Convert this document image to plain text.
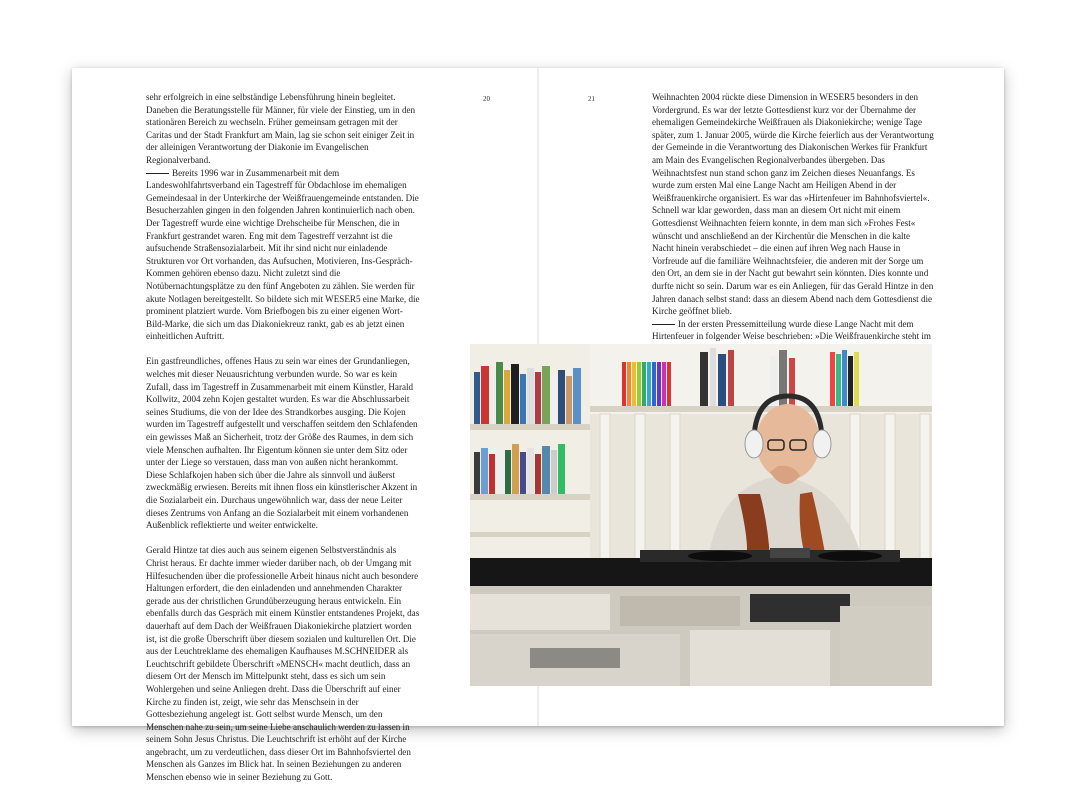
20	21

sehr erfolgreich in eine selbständige Lebensführung hinein begleitet. Daneben die Beratungsstelle für Männer, für viele der Einstieg, um in den stationären Bereich zu wechseln. Früher gemeinsam getragen mit der Caritas und der Stadt Frankfurt am Main, lag sie schon seit einiger Zeit in der alleinigen Verantwortung der Diakonie im Evangelischen Regionalverband.

Bereits 1996 war in Zusammenarbeit mit dem Landeswohlfahrtsverband ein Tagestreff für Obdachlose im ehemaligen Gemeindesaal in der Unterkirche der Weißfrauengemeinde entstanden. Die Besucherzahlen gingen in den folgenden Jahren kontinuierlich nach oben. Der Tagestreff wurde eine wichtige Drehscheibe für Menschen, die in Frankfurt gestrandet waren. Eng mit dem Tagestreff verzahnt ist die aufsuchende Straßensozialarbeit. Mit ihr sind nicht nur einladende Strukturen vor Ort vorhanden, das Aufsuchen, Motivieren, Ins-Gespräch-Kommen gehören ebenso dazu. Nicht zuletzt sind die Notübernachtungsplätze zu den fünf Angeboten zu zählen. Sie werden für akute Notlagen bereitgestellt. So bildete sich mit WESER5 eine Marke, die prominent platziert wurde. Vom Briefbogen bis zu einer eigenen Wort-Bild-Marke, die sich um das Diakoniekreuz rankt, gab es ab jetzt einen einheitlichen Auftritt.

Ein gastfreundliches, offenes Haus zu sein war eines der Grundanliegen, welches mit dieser Neuausrichtung verbunden wurde. So war es kein Zufall, dass im Tagestreff in Zusammenarbeit mit einem Künstler, Harald Kollwitz, 2004 zehn Kojen gestaltet wurden. Es war die Abschlussarbeit seines Studiums, die von der Idee des Strandkorbes ausging. Die Kojen wurden im Tagestreff aufgestellt und verschaffen seitdem den Schlafenden ein gewisses Maß an Sicherheit, trotz der Größe des Raumes, in dem sich viele Menschen aufhalten. Ihr Eigentum können sie unter dem Sitz oder unter der Liege so verstauen, dass man von außen nicht herankommt. Diese Schlafkojen haben sich über die Jahre als sinnvoll und äußerst zweckmäßig erwiesen. Bereits mit ihnen floss ein künstlerischer Akzent in die Sozialarbeit ein. Durchaus ungewöhnlich war, dass der neue Leiter dieses Zentrums von Anfang an die Sozialarbeit mit einem vorhandenen Außenblick reflektierte und weiter entwickelte.

Gerald Hintze tat dies auch aus seinem eigenen Selbstverständnis als Christ heraus. Er dachte immer wieder darüber nach, ob der Umgang mit Hilfesuchenden über die professionelle Arbeit hinaus nicht auch besondere Haltungen erfordert, die den einladenden und annehmenden Charakter gerade aus der christlichen Grundüberzeugung heraus entwickeln. Ein ebenfalls durch das Gespräch mit einem Künstler entstandenes Projekt, das dauerhaft auf dem Dach der Weißfrauen Diakoniekirche platziert worden ist, ist die große Überschrift über diesem sozialen und kulturellen Ort. Die aus der Leuchtreklame des ehemaligen Kaufhauses M.SCHNEIDER als Leuchtschrift gebildete Überschrift »MENSCH« macht deutlich, dass an diesem Ort der Mensch im Mittelpunkt steht, dass es sich um sein Wohlergehen und seine Anliegen dreht. Dass die Überschrift auf einer Kirche zu finden ist, zeigt, wie sehr das Menschsein in der Gottesbeziehung angelegt ist. Gott selbst wurde Mensch, um den Menschen nahe zu sein, um seine Liebe anschaulich werden zu lassen in seinem Sohn Jesus Christus. Die Leuchtschrift ist erhöht auf der Kirche angebracht, um zu verdeutlichen, dass dieser Ort im Bahnhofsviertel den Menschen als Ganzes im Blick hat. In seinen Beziehungen zu anderen Menschen ebenso wie in seiner Beziehung zu Gott.

Weihnachten 2004 rückte diese Dimension in WESER5 besonders in den Vordergrund. Es war der letzte Gottesdienst kurz vor der Übernahme der ehemaligen Gemeindekirche Weißfrauen als Diakoniekirche; wenige Tage später, zum 1. Januar 2005, würde die Kirche feierlich aus der Verantwortung der Gemeinde in die Verantwortung des Diakonischen Werkes für Frankfurt am Main des Evangelischen Regionalverbandes übergeben. Das Weihnachtsfest nun stand schon ganz im Zeichen dieses Neuanfangs. Es wurde zum ersten Mal eine Lange Nacht am Heiligen Abend in der Weißfrauenkirche organisiert. Es war das »Hirtenfeuer im Bahnhofsviertel«. Schnell war klar geworden, dass man an diesem Ort nicht mit einem Gottesdienst Weihnachten feiern konnte, in dem man sich »Frohes Fest« wünscht und anschließend an der Kirchentür die Menschen in die kalte Nacht hinein verabschiedet – die einen auf ihren Weg nach Hause in Vorfreude auf die familiäre Weihnachtsfeier, die anderen mit der Sorge um den Ort, an dem sie in der Nacht gut bewahrt sein könnten. Dies konnte und durfte nicht so sein. Darum war es ein Anliegen, für das Gerald Hintze in den Jahren danach selbst stand: dass an diesem Abend nach dem Gottesdienst die Kirche geöffnet blieb.

In der ersten Pressemitteilung wurde diese Lange Nacht mit dem Hirtenfeuer in folgender Weise beschrieben: »Die Weißfrauenkirche steht im
